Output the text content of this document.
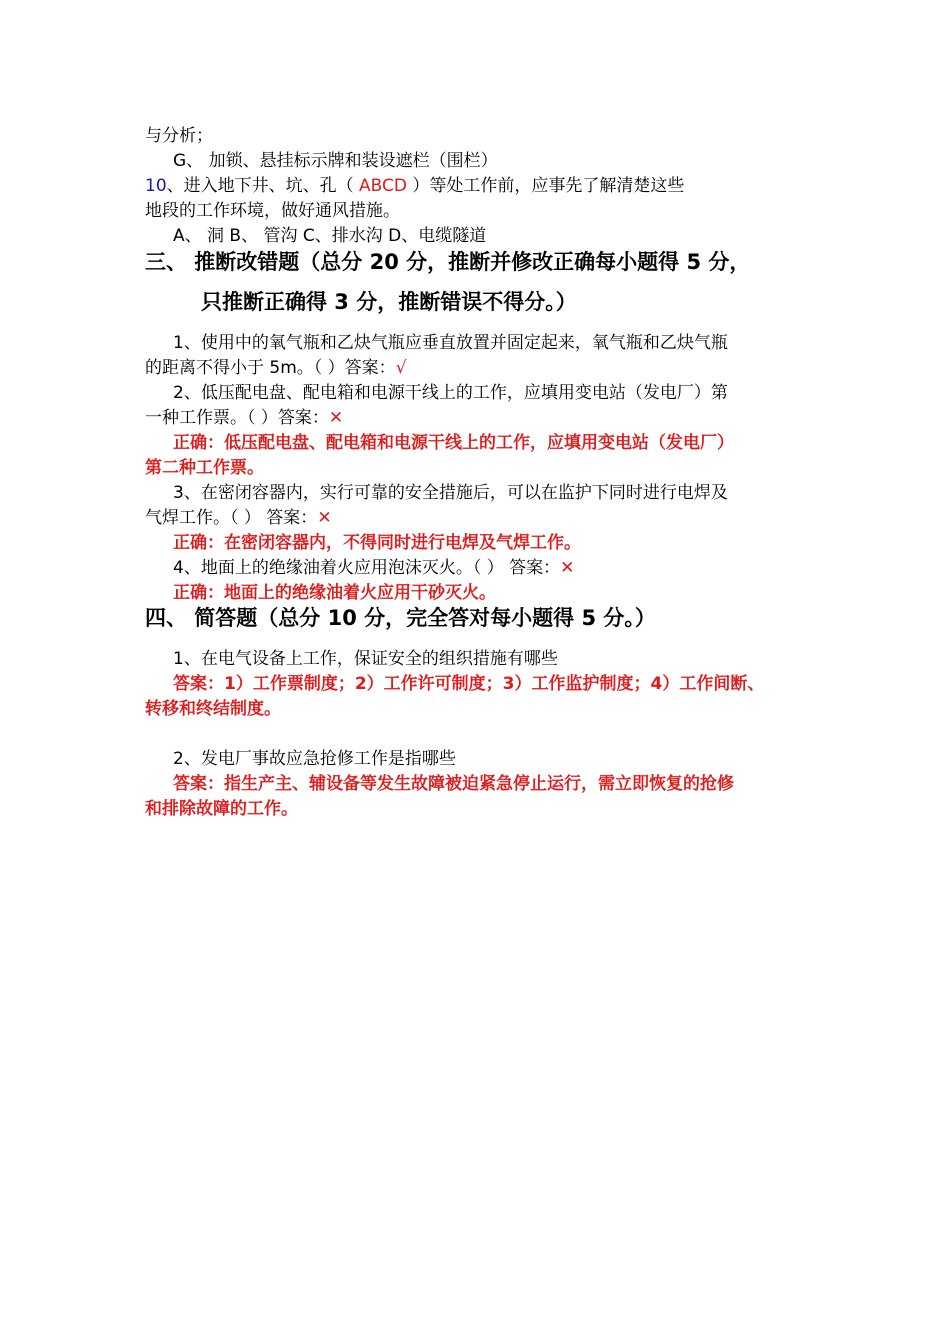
与分析；
G、 加锁、悬挂标示牌和装设遮栏（围栏）
10、进入地下井、坑、孔（ ABCD ）等处工作前，应事先了解清楚这些
地段的工作环境，做好通风措施。
A、 洞 B、 管沟 C、排水沟 D、电缆隧道
三、 推断改错题（总分 20 分，推断并修改正确每小题得 5 分，
只推断正确得 3 分，推断错误不得分。）
1、使用中的氧气瓶和乙炔气瓶应垂直放置并固定起来，氧气瓶和乙炔气瓶
的距离不得小于 5m。（ ）答案：√
2、低压配电盘、配电箱和电源干线上的工作，应填用变电站（发电厂）第
一种工作票。（ ）答案：✕
正确：低压配电盘、配电箱和电源干线上的工作，应填用变电站（发电厂）
第二种工作票。
3、在密闭容器内，实行可靠的安全措施后，可以在监护下同时进行电焊及
气焊工作。（ ） 答案：✕
正确：在密闭容器内，不得同时进行电焊及气焊工作。
4、地面上的绝缘油着火应用泡沫灭火。（ ） 答案：✕
正确：地面上的绝缘油着火应用干砂灭火。
四、 简答题（总分 10 分，完全答对每小题得 5 分。）
1、在电气设备上工作，保证安全的组织措施有哪些
答案：1）工作票制度；2）工作许可制度；3）工作监护制度；4）工作间断、
转移和终结制度。
2、发电厂事故应急抢修工作是指哪些
答案：指生产主、辅设备等发生故障被迫紧急停止运行，需立即恢复的抢修
和排除故障的工作。
